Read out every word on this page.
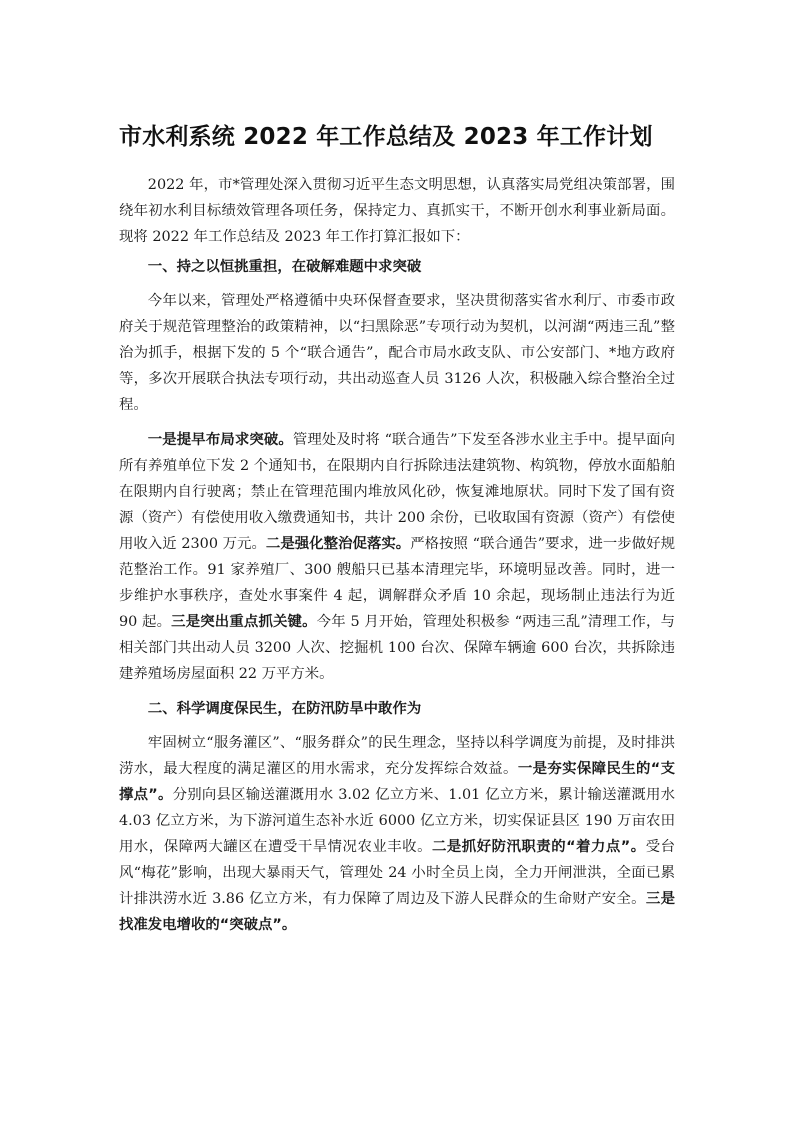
市水利系统 2022 年工作总结及 2023 年工作计划

2022 年，市*管理处深入贯彻习近平生态文明思想，认真落实局党组决策部署，围绕年初水利目标绩效管理各项任务，保持定力、真抓实干，不断开创水利事业新局面。现将 2022 年工作总结及 2023 年工作打算汇报如下：

一、持之以恒挑重担，在破解难题中求突破

今年以来，管理处严格遵循中央环保督查要求，坚决贯彻落实省水利厅、市委市政府关于规范管理整治的政策精神，以“扫黑除恶”专项行动为契机，以河湖“两违三乱”整治为抓手，根据下发的 5 个“联合通告”，配合市局水政支队、市公安部门、*地方政府等，多次开展联合执法专项行动，共出动巡查人员 3126 人次，积极融入综合整治全过程。

一是提早布局求突破。管理处及时将 “联合通告”下发至各涉水业主手中。提早面向所有养殖单位下发 2 个通知书，在限期内自行拆除违法建筑物、构筑物，停放水面船舶在限期内自行驶离；禁止在管理范围内堆放风化砂，恢复滩地原状。同时下发了国有资源（资产）有偿使用收入缴费通知书，共计 200 余份，已收取国有资源（资产）有偿使用收入近 2300 万元。二是强化整治促落实。严格按照 “联合通告”要求，进一步做好规范整治工作。91 家养殖厂、300 艘船只已基本清理完毕，环境明显改善。同时，进一步维护水事秩序，查处水事案件 4 起，调解群众矛盾 10 余起，现场制止违法行为近 90 起。三是突出重点抓关键。今年 5 月开始，管理处积极参 “两违三乱”清理工作，与相关部门共出动人员 3200 人次、挖掘机 100 台次、保障车辆逾 600 台次，共拆除违建养殖场房屋面积 22 万平方米。

二、科学调度保民生，在防汛防旱中敢作为

牢固树立“服务灌区”、“服务群众”的民生理念，坚持以科学调度为前提，及时排洪涝水，最大程度的满足灌区的用水需求，充分发挥综合效益。一是夯实保障民生的“支撑点”。分别向县区输送灌溉用水 3.02 亿立方米、1.01 亿立方米，累计输送灌溉用水 4.03 亿立方米，为下游河道生态补水近 6000 亿立方米，切实保证县区 190 万亩农田用水，保障两大罐区在遭受干旱情况农业丰收。二是抓好防汛职责的“着力点”。受台风“梅花”影响，出现大暴雨天气，管理处 24 小时全员上岗，全力开闸泄洪，全面已累计排洪涝水近 3.86 亿立方米，有力保障了周边及下游人民群众的生命财产安全。三是找准发电增收的“突破点”。
